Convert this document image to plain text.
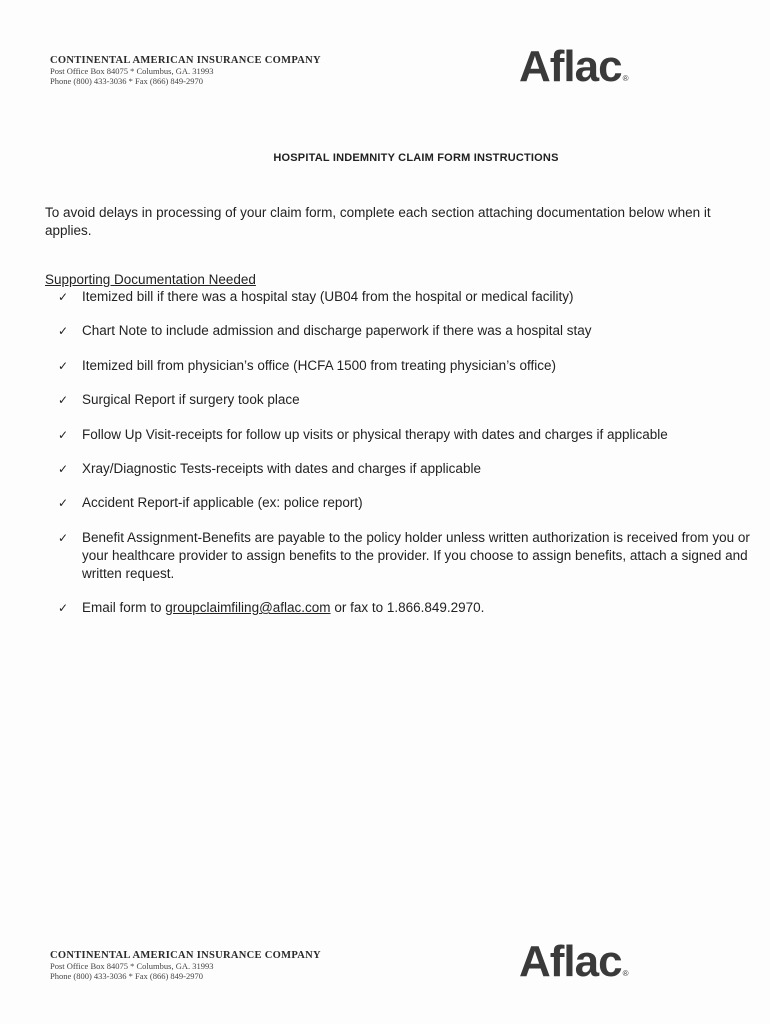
CONTINENTAL AMERICAN INSURANCE COMPANY
Post Office Box 84075 * Columbus, GA. 31993
Phone (800) 433-3036 * Fax (866) 849-2970	Aflac®
HOSPITAL INDEMNITY CLAIM FORM INSTRUCTIONS
To avoid delays in processing of your claim form, complete each section attaching documentation below when it applies.
Supporting Documentation Needed
✓ Itemized bill if there was a hospital stay (UB04 from the hospital or medical facility)
✓ Chart Note to include admission and discharge paperwork if there was a hospital stay
✓ Itemized bill from physician’s office (HCFA 1500 from treating physician’s office)
✓ Surgical Report if surgery took place
✓ Follow Up Visit-receipts for follow up visits or physical therapy with dates and charges if applicable
✓ Xray/Diagnostic Tests-receipts with dates and charges if applicable
✓ Accident Report-if applicable (ex: police report)
✓ Benefit Assignment-Benefits are payable to the policy holder unless written authorization is received from you or your healthcare provider to assign benefits to the provider. If you choose to assign benefits, attach a signed and written request.
✓ Email form to groupclaimfiling@aflac.com or fax to 1.866.849.2970.
CONTINENTAL AMERICAN INSURANCE COMPANY
Post Office Box 84075 * Columbus, GA. 31993
Phone (800) 433-3036 * Fax (866) 849-2970	Aflac®
